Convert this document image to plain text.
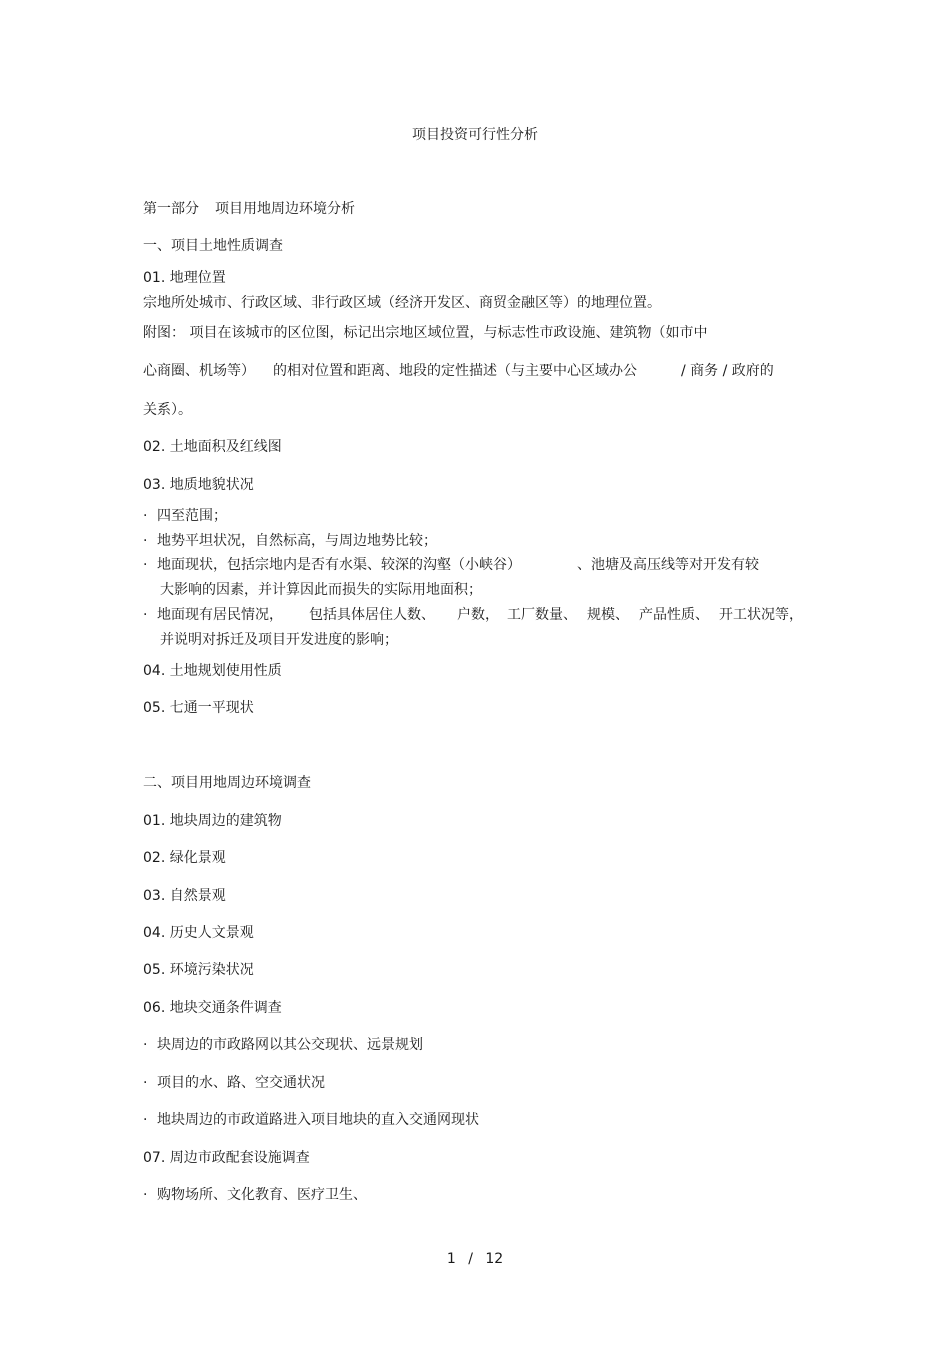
项目投资可行性分析
第一部分 项目用地周边环境分析
一、项目土地性质调查
01. 地理位置
宗地所处城市、行政区域、非行政区域（经济开发区、商贸金融区等）的地理位置。
附图： 项目在该城市的区位图，标记出宗地区域位置，与标志性市政设施、建筑物（如市中
心商圈、机场等） 的相对位置和距离、地段的定性描述（与主要中心区域办公	/ 商务 / 政府的
关系）。
02. 土地面积及红线图
03. 地质地貌状况
· 四至范围；
· 地势平坦状况，自然标高，与周边地势比较；
· 地面现状，包括宗地内是否有水渠、较深的沟壑（小峡谷）	、池塘及高压线等对开发有较
大影响的因素，并计算因此而损失的实际用地面积；
· 地面现有居民情况， 包括具体居住人数、 户数， 工厂数量、 规模、 产品性质、 开工状况等，
并说明对拆迁及项目开发进度的影响；
04. 土地规划使用性质
05. 七通一平现状
二、项目用地周边环境调查
01. 地块周边的建筑物
02. 绿化景观
03. 自然景观
04. 历史人文景观
05. 环境污染状况
06. 地块交通条件调查
· 块周边的市政路网以其公交现状、远景规划
· 项目的水、路、空交通状况
· 地块周边的市政道路进入项目地块的直入交通网现状
07. 周边市政配套设施调查
· 购物场所、文化教育、医疗卫生、
1 / 12
